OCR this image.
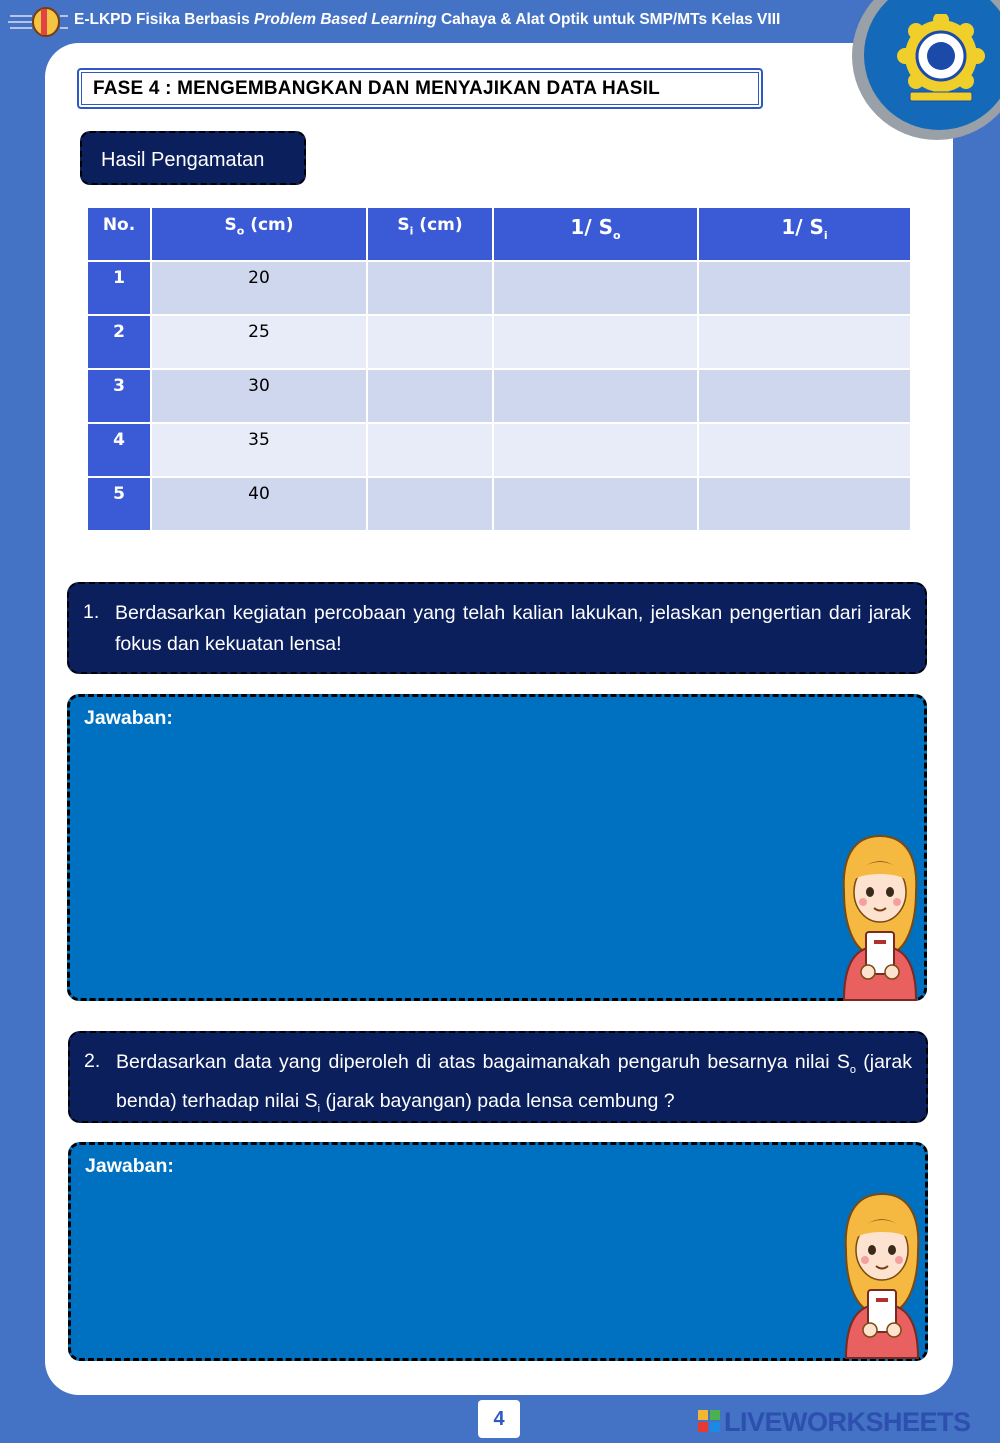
E-LKPD Fisika Berbasis Problem Based Learning Cahaya & Alat Optik untuk SMP/MTs Kelas VIII
FASE 4 : MENGEMBANGKAN DAN MENYAJIKAN DATA HASIL
Hasil Pengamatan
No.	$S_o$ (cm)	$S_i$ (cm)	1/ $S_o$	1/ $S_i$

1	20			

2	25			

3	30			

4	35			

5	40			

1. Berdasarkan kegiatan percobaan yang telah kalian lakukan, jelaskan pengertian dari jarak fokus dan kekuatan lensa!
Jawaban:
2. Berdasarkan data yang diperoleh di atas bagaimanakah pengaruh besarnya nilai $S_o$ (jarak benda) terhadap nilai $S_i$ (jarak bayangan) pada lensa cembung ?
Jawaban:
4	LIVEWORKSHEETS
